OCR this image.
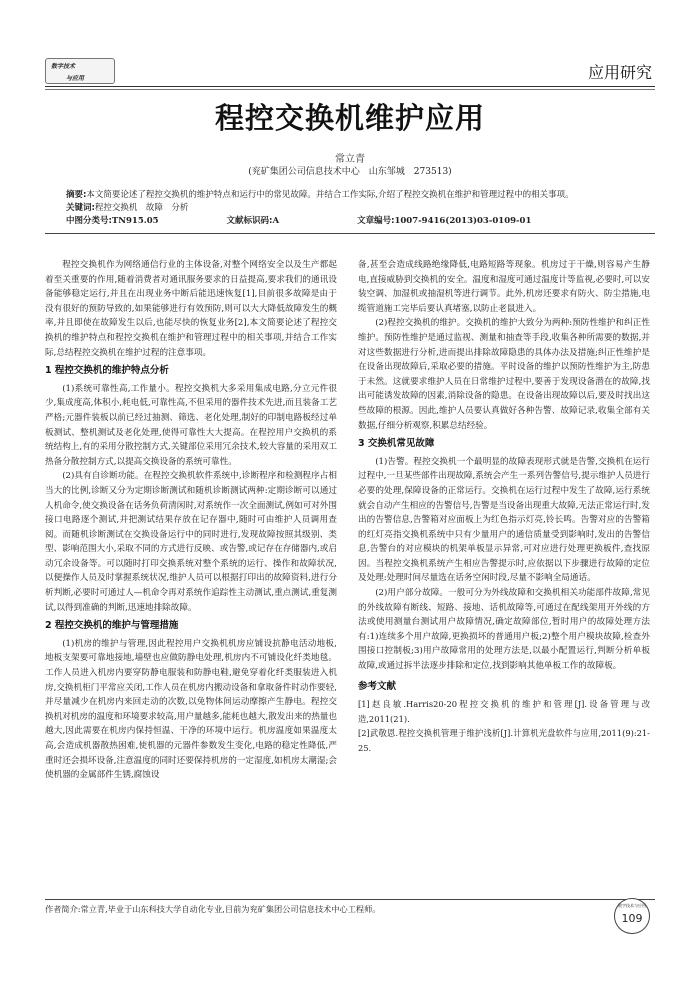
数字技术
与应用	应用研究
程控交换机维护应用
常立青
(兖矿集团公司信息技术中心　山东邹城　273513)
摘要:本文简要论述了程控交换机的维护特点和运行中的常见故障。并结合工作实际,介绍了程控交换机在维护和管理过程中的相关事项。
关键词:程控交换机　故障　分析
中图分类号:TN915.05	文献标识码:A	文章编号:1007-9416(2013)03-0109-01

程控交换机作为网络通信行业的主体设备,对整个网络安全以及生产都起着至关重要的作用,随着消费者对通讯服务要求的日益提高,要求我们的通讯设备能够稳定运行,并且在出现业务中断后能迅速恢复[1],目前很多故障是由于没有很好的预防导致的,如果能够进行有效预防,则可以大大降低故障发生的概率,并且即使在故障发生以后,也能尽快的恢复业务[2],本文简要论述了程控交换机的维护特点和程控交换机在维护和管理过程中的相关事项,并结合工作实际,总结程控交换机在维护过程的注意事项。

1 程控交换机的维护特点分析

(1)系统可靠性高,工作量小。程控交换机大多采用集成电路,分立元件很少,集成度高,体积小,耗电低,可靠性高,不但采用的器件技术先进,而且装备工艺严格;元器件装板以前已经过抽测、筛选、老化处理,制好的印制电路板经过单板测试、整机测试及老化处理,使得可靠性大大提高。在程控用户交换机的系统结构上,有的采用分散控制方式,关键部位采用冗余技术,较大容量的采用双工热备分散控制方式,以提高交换设备的系统可靠性。

(2)具有自诊断功能。在程控交换机软件系统中,诊断程序和检测程序占相当大的比例,诊断又分为定期诊断测试和随机诊断测试两种:定期诊断可以通过人机命令,使交换设备在话务负荷清闲时,对系统作一次全面测试,例如可对外围接口电路逐个测试,并把测试结果存放在记存器中,随时可由维护人员调用查阅。而随机诊断测试在交换设备运行中的同时进行,发现故障按照其级别、类型、影响范围大小,采取不同的方式进行反映、或告警,或记存在存储器内,或启动冗余设备等。可以随时打印交换系统对整个系统的运行、操作和故障状况,以便操作人员及时掌握系统状况,维护人员可以根据打印出的故障资料,进行分析判断,必要时可通过人—机命令再对系统作追踪性主动测试,重点测试,重复测试,以得到准确的判断,迅速地排除故障。

2 程控交换机的维护与管理措施

(1)机房的维护与管理,因此程控用户交换机机房应铺设抗静电活动地板,地板支架要可靠地接地,墙壁也应做防静电处理,机房内不可铺设化纤类地毯。工作人员进入机房内要穿防静电服装和防静电鞋,避免穿着化纤类服装进入机房,交换机柜门平常应关闭,工作人员在机房内搬动设备和拿取备件时动作要轻,并尽量减少在机房内来回走动的次数,以免物体间运动摩擦产生静电。程控交换机对机房的温度和环境要求较高,用户量越多,能耗也越大,散发出来的热量也越大,因此需要在机房内保持恒温、干净的环境中运行。机房温度如果温度太高,会造成机器散热困难,使机器的元器件参数发生变化,电路的稳定性降低,严重时还会损坏设备,注意温度的同时还要保持机房的一定湿度,如机房太潮湿;会使机器的金属部件生锈,腐蚀设

备,甚至会造成线路绝缘降低,电路短路等现象。机房过于干燥,则容易产生静电,直接威胁到交换机的安全。温度和湿度可通过温度计等监视,必要时,可以安装空调、加湿机或抽湿机等进行调节。此外,机房还要求有防火、防尘措施,电缆管道施工完毕后要认真堵塞,以防止老鼠进入。

(2)程控交换机的维护。交换机的维护大致分为两种:预防性维护和纠正性维护。预防性维护是通过监视、测量和抽查等手段,收集各种所需要的数据,并对这些数据进行分析,进而提出排除故障隐患的具体办法及措施;纠正性维护是在设备出现故障后,采取必要的措施。平时设备的维护以预防性维护为主,防患于未然。这就要求维护人员在日常维护过程中,要善于发现设备潜在的故障,找出可能诱发故障的因素,消除设备的隐患。在设备出现故障以后,要及时找出这些故障的根源。因此,维护人员要认真做好各种告警、故障记录,收集全部有关数据,仔细分析观察,积累总结经验。

3 交换机常见故障

(1)告警。程控交换机一个最明显的故障表现形式就是告警,交换机在运行过程中,一旦某些部件出现故障,系统会产生一系列告警信号,提示维护人员进行必要的处理,保障设备的正常运行。交换机在运行过程中发生了故障,运行系统就会自动产生相应的告警信号,告警是当设备出现重大故障,无法正常运行时,发出的告警信息,告警箱对应面板上为红色指示灯亮,铃长鸣。告警对应的告警箱的红灯亮指交换机系统中只有少量用户的通信质量受到影响时,发出的告警信息,告警台的对应模块的机架单板显示异常,可对应进行处理更换板件,查找原因。当程控交换机系统产生相应告警提示时,应依据以下步骤进行故障的定位及处理:处理时间尽量选在话务空闲时段,尽量不影响全局通话。

(2)用户部分故障。一般可分为外线故障和交换机相关功能部件故障,常见的外线故障有断线、短路、接地、话机故障等,可通过在配线架用开外线的方法或使用测量台测试用户故障情况,确定故障部位,暂时用户的故障处理方法有:1)连续多个用户故障,更换损坏的普通用户板;2)整个用户模块故障,检查外围接口控制板;3)用户故障常用的处理方法是,以最小配置运行,判断分析单板故障,或通过拆半法逐步排除和定位,找到影响其他单板工作的故障板。

参考文献
[1]赵良敏.Harris20-20程控交换机的维护和管理[J].设备管理与改造,2011(21).
[2]武敬恩.程控交换机管理于维护浅析[J].计算机光盘软件与应用,2011(9):21-25.
作者简介:常立青,毕业于山东科技大学自动化专业,目前为兖矿集团公司信息技术中心工程师。	数字技术与应用
109
